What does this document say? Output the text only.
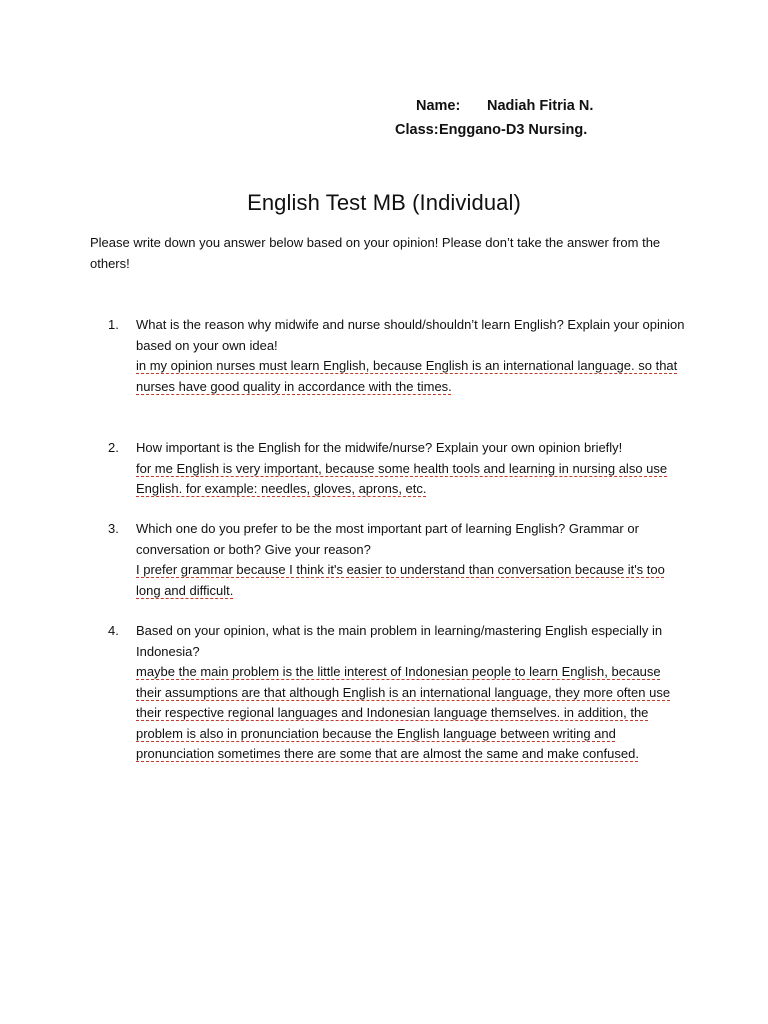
Name: Nadiah Fitria N.
Class:Enggano-D3 Nursing.
English Test MB (Individual)

Please write down you answer below based on your opinion! Please don’t take the answer from the others!

1.	What is the reason why midwife and nurse should/shouldn’t learn English? Explain your opinion based on your own idea!
in my opinion nurses must learn English, because English is an international language. so that nurses have good quality in accordance with the times.
2.	How important is the English for the midwife/nurse? Explain your own opinion briefly!
for me English is very important, because some health tools and learning in nursing also use English. for example: needles, gloves, aprons, etc.
3.	Which one do you prefer to be the most important part of learning English? Grammar or conversation or both? Give your reason?
I prefer grammar because I think it's easier to understand than conversation because it's too long and difficult.
4.	Based on your opinion, what is the main problem in learning/mastering English especially in Indonesia?
maybe the main problem is the little interest of Indonesian people to learn English, because their assumptions are that although English is an international language, they more often use their respective regional languages and Indonesian language themselves. in addition, the problem is also in pronunciation because the English language between writing and pronunciation sometimes there are some that are almost the same and make confused.
